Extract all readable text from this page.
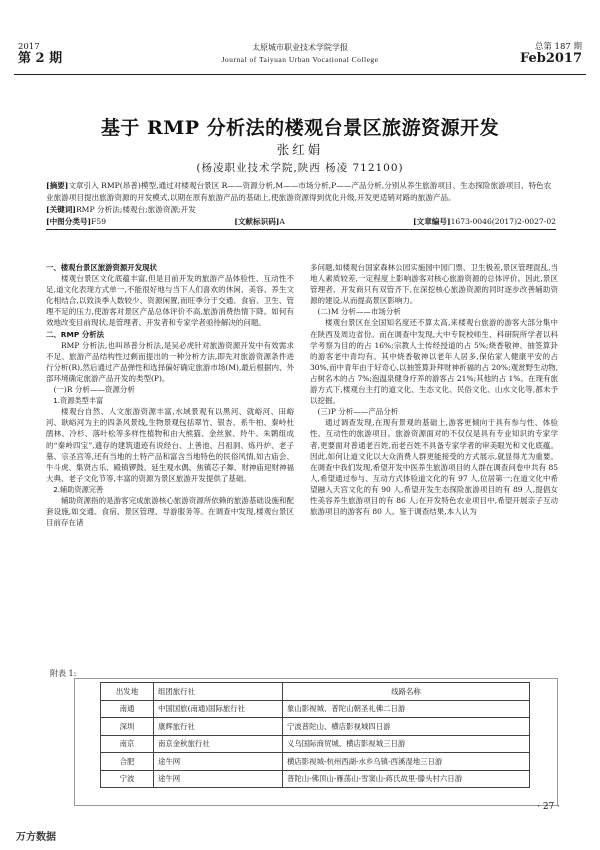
2017
第 2 期
太原城市职业技术学院学报
Journal of Taiyuan Urban Vocational College
总第 187 期
Feb2017
基于 RMP 分析法的楼观台景区旅游资源开发
张红娟
(杨凌职业技术学院,陕西 杨凌 712100)

[摘要]文章引入 RMP(昂普)模型,通过对楼观台景区 R——资源分析,M——市场分析,P——产品分析,分别从养生旅游项目、生态探险旅游项目、特色农业旅游项目提出旅游资源的开发模式,以期在原有旅游产品的基础上,使旅游资源得到优化升级,开发更适销对路的旅游产品。

[关键词]RMP 分析法;楼观台;旅游资源;开发

[中图分类号]F59	[文献标识码]A	[文章编号]1673-0046(2017)2-0027-02

一、楼观台景区旅游资源开发现状

楼观台景区文化底蕴丰富,但是目前开发的旅游产品体验性、互动性不足,道文化表现方式单一,不能很好地与当下人们喜欢的休闲、美容、养生文化相结合,以致淡季人数较少、资源闲置,而旺季分于交通、食宿、卫生、管理不足的压力,使游客对景区产品总体评价不高,旅游消费热情下降。如何有效地改变目前现状,是管理者、开发者和专家学者亟待解决的问题。

二、RMP 分析法

RMP 分析法,也叫昂普分析法,是吴必虎针对旅游资源开发中有效需求不足、旅游产品结构性过剩而提出的一种分析方法,即先对旅游资源条件进行分析(R),然后通过产品弹性和选择偏好确定旅游市场(M),最后根据内、外部环境确定旅游产品开发的类型(P)。

(一)R 分析——资源分析

1.资源类型丰富

楼观台自然、人文旅游资源丰富,水域景观有以黑河、就峪河、田峪河、耿峪河为主的四条风景线,生物景观包括翠竹、银杏、系牛柏、秦岭杜鹃林、冷杉、落叶松等多样性植物和由大熊猫、金丝猴、羚牛、朱鹮组成的“秦岭四宝”,遗存的建筑遗迹有说经台、上善池、吕祖洞、炼丹炉、老子墓、宗圣宫等,还有当地的土特产品和富含当地特色的民俗风情,如古庙会、牛斗虎、集贤古乐、殿镇锣鼓、延生观水偶、焦镇芯子舞、财神庙迎财神福大典、老子文化节等,丰富的资源为景区旅游开发提供了基础。

2.辅助资源完善

辅助资源指的是游客完成旅游核心旅游资源所依赖的旅游基础设施和配套设施,如交通、食宿、景区管理、导游服务等。在调查中发现,楼观台景区目前存在诸

多问题,如楼观台国家森林公园实施园中园门票、卫生极差,景区管理混乱,当地人素质较差,一定程度上影响游客对核心旅游资源的总体评价。因此,景区管理者、开发商只有双管齐下,在深挖核心旅游资源的同时逐步改善辅助资源的建设,从而提高景区影响力。

(二)M 分析——市场分析

楼观台景区在全国知名度还不算太高,来楼观台旅游的游客大部分集中在陕西及周边省份。而在调查中发现,大中专院校师生、科研院所学者以科学考察为目的的占 16%;宗教人士传经授道的占 5%;烧香敬神、抽签算卦的游客老中青均有。其中烧香敬神以老年人居多,保佑家人健康平安的占 30%,而中青年由于好奇心,以抽签算卦拜财神祈福的占 20%;观赏野生动物,占树名木的占 7%;泡温泉健身疗养的游客占 21%;其他的占 1%。在现有旅游方式下,楼观台主打的道文化、生态文化、民俗文化、山水文化等,都未予以挖掘。

(三)P 分析——产品分析

通过调查发现,在现有景观的基础上,游客更倾向于具有参与性、体验性、互动性的旅游项目。旅游资源面对的不仅仅是具有专业知识的专家学者,更要面对普通老百姓,而老百姓不具备专家学者的审美眼光和文化底蕴。因此,如何让道文化以大众消费人群更能接受的方式展示,就显得尤为重要。在调查中我们发现,希望开发中医养生旅游项目的人群在调查问卷中共有 85 人,希望通过参与、互动方式体验道文化的有 97 人,位居第一;在道文化中希望融入天宫文化的有 90 人,希望开发生态探险旅游项目的有 89 人,提倡女性美容养生旅游项目的有 86 人;在开发特色农业项目中,希望开展亲子互动旅游项目的游客有 80 人。鉴于调查结果,本人认为

附表 1:
出发地	组团旅行社	线路名称
南通	中国国旅(南通)国际旅行社	象山影视城、普陀山朝圣礼佛二日游
深圳	康辉旅行社	宁波普陀山、横店影视城四日游
南京	南京金秋旅行社	义乌国际商贸城、横店影视城三日游
合肥	途牛网	横店影视城-杭州西湖-水乡乌镇-西溪湿地三日游
宁波	途牛网	普陀山-佛顶山-雁荡山-雪窦山-蒋氏故里-滕头村六日游
· 27 ·
万方数据
